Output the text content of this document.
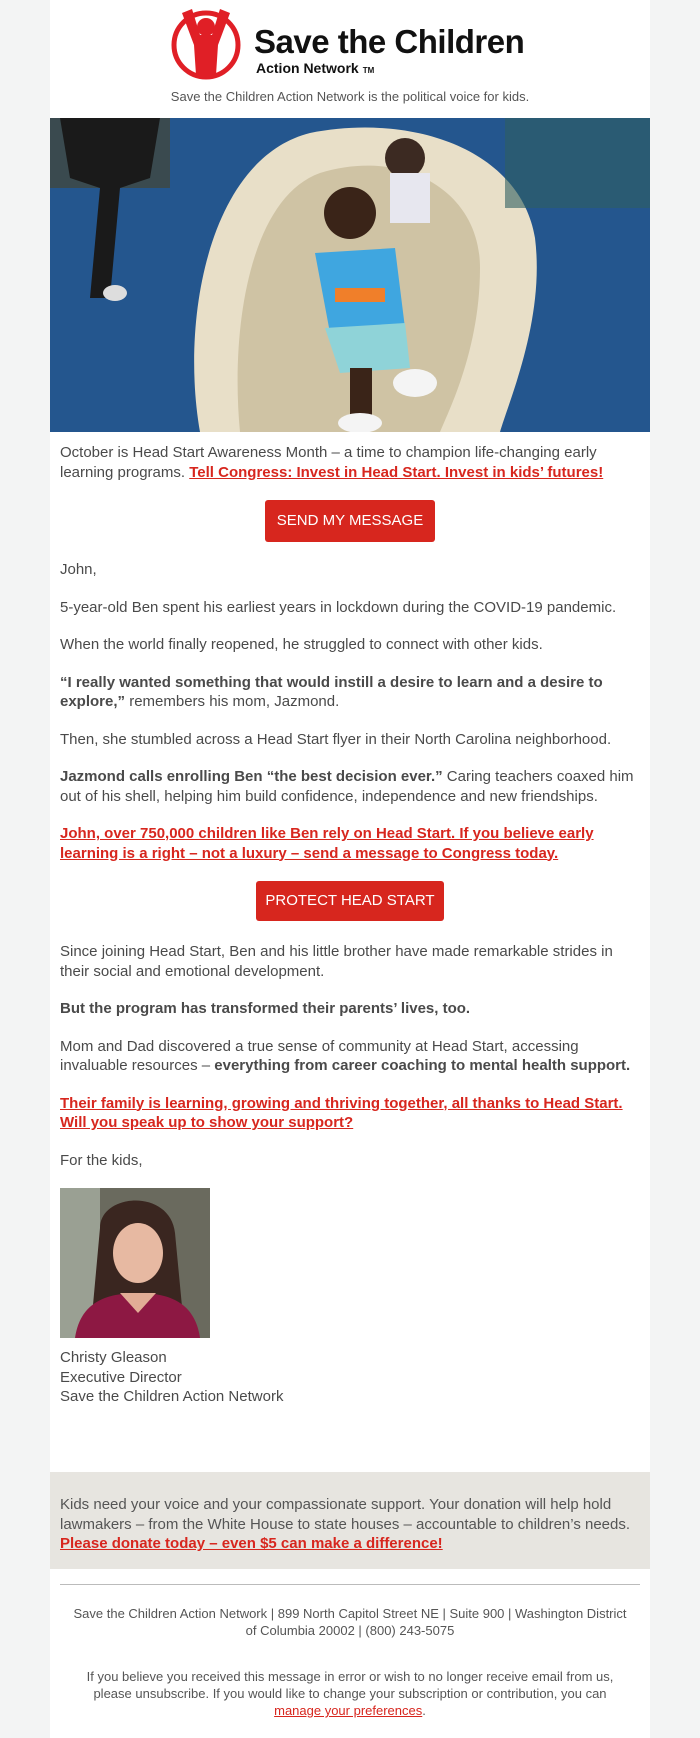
Save the Children
Action Network TM
Save the Children Action Network is the political voice for kids.

October is Head Start Awareness Month – a time to champion life-changing early learning programs. Tell Congress: Invest in Head Start. Invest in kids’ futures!

SEND MY MESSAGE

John,

5-year-old Ben spent his earliest years in lockdown during the COVID-19 pandemic.

When the world finally reopened, he struggled to connect with other kids.

“I really wanted something that would instill a desire to learn and a desire to explore,” remembers his mom, Jazmond.

Then, she stumbled across a Head Start flyer in their North Carolina neighborhood.

Jazmond calls enrolling Ben “the best decision ever.” Caring teachers coaxed him out of his shell, helping him build confidence, independence and new friendships.

John, over 750,000 children like Ben rely on Head Start. If you believe early learning is a right – not a luxury – send a message to Congress today.

PROTECT HEAD START

Since joining Head Start, Ben and his little brother have made remarkable strides in their social and emotional development.

But the program has transformed their parents’ lives, too.

Mom and Dad discovered a true sense of community at Head Start, accessing invaluable resources – everything from career coaching to mental health support.

Their family is learning, growing and thriving together, all thanks to Head Start. Will you speak up to show your support?

For the kids,

Christy Gleason
Executive Director
Save the Children Action Network

Kids need your voice and your compassionate support. Your donation will help hold lawmakers – from the White House to state houses – accountable to children’s needs. Please donate today – even $5 can make a difference!

Save the Children Action Network | 899 North Capitol Street NE | Suite 900 | Washington District of Columbia 20002 | (800) 243-5075
If you believe you received this message in error or wish to no longer receive email from us, please unsubscribe. If you would like to change your subscription or contribution, you can manage your preferences.
